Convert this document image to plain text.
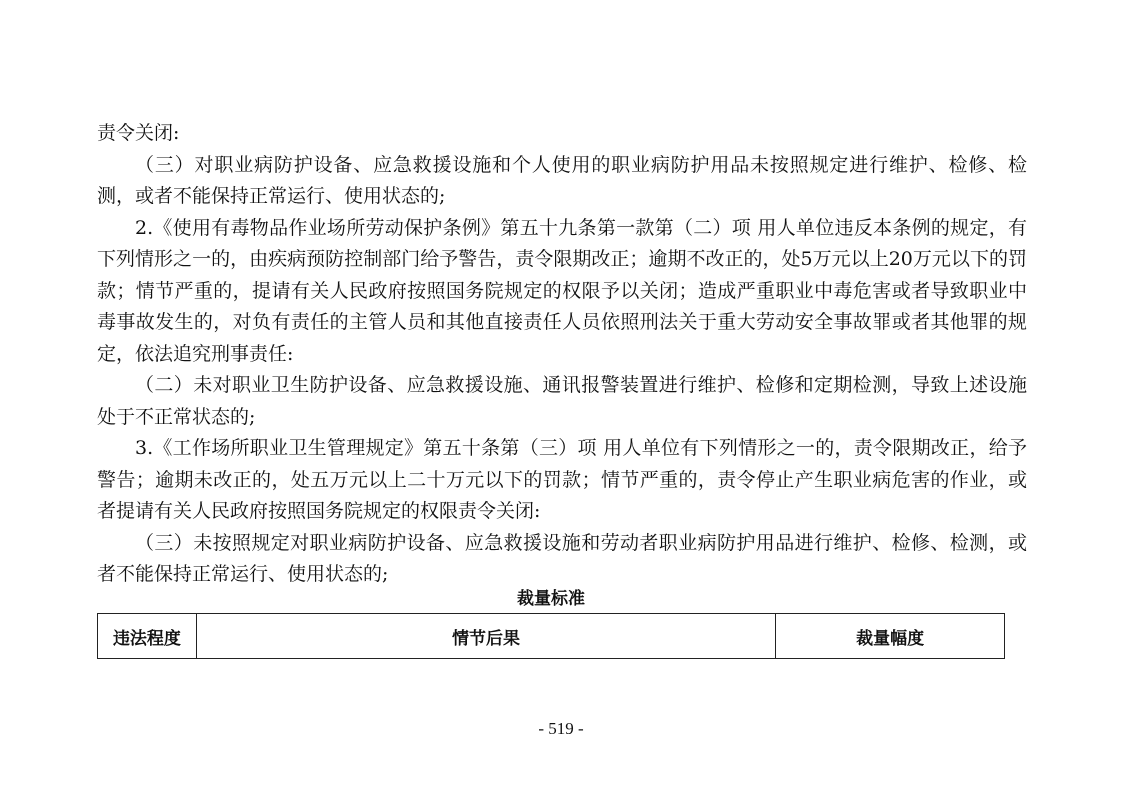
责令关闭:

（三）对职业病防护设备、应急救援设施和个人使用的职业病防护用品未按照规定进行维护、检修、检测，或者不能保持正常运行、使用状态的;

2.《使用有毒物品作业场所劳动保护条例》第五十九条第一款第（二）项 用人单位违反本条例的规定，有下列情形之一的，由疾病预防控制部门给予警告，责令限期改正；逾期不改正的，处5万元以上20万元以下的罚款；情节严重的，提请有关人民政府按照国务院规定的权限予以关闭；造成严重职业中毒危害或者导致职业中毒事故发生的，对负有责任的主管人员和其他直接责任人员依照刑法关于重大劳动安全事故罪或者其他罪的规定，依法追究刑事责任:

（二）未对职业卫生防护设备、应急救援设施、通讯报警装置进行维护、检修和定期检测，导致上述设施处于不正常状态的;

3.《工作场所职业卫生管理规定》第五十条第（三）项 用人单位有下列情形之一的，责令限期改正，给予警告；逾期未改正的，处五万元以上二十万元以下的罚款；情节严重的，责令停止产生职业病危害的作业，或者提请有关人民政府按照国务院规定的权限责令关闭:

（三）未按照规定对职业病防护设备、应急救援设施和劳动者职业病防护用品进行维护、检修、检测，或者不能保持正常运行、使用状态的;

裁量标准
违法程度	情节后果	裁量幅度
- 519 -
